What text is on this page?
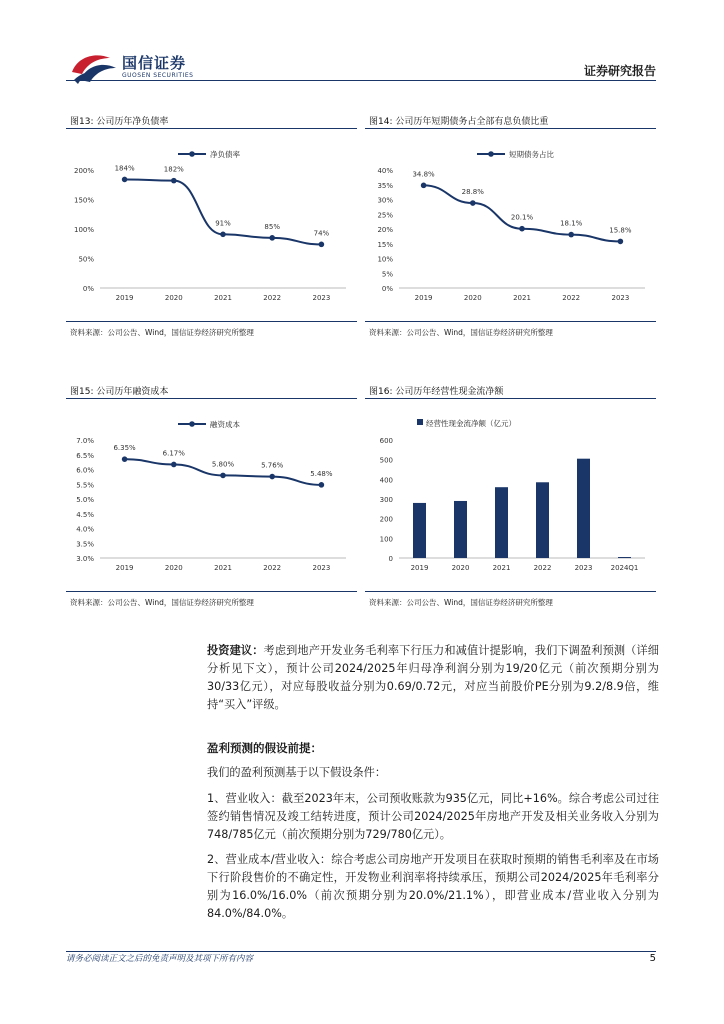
国信证券
GUOSEN SECURITIES	证券研究报告
图13: 公司历年净负债率
净负债率
0%
50%
100%
150%
200%
2019	2020	2021	2022	2023
184%	182%
91%	85%
74%
资料来源：公司公告、Wind，国信证券经济研究所整理
图14: 公司历年短期债务占全部有息负债比重
短期债务占比
0%
5%
10%
15%
20%
25%
30%
35%
40%
2019	2020	2021	2022	2023
34.8%
28.8%
20.1%
18.1%
15.8%
资料来源：公司公告、Wind，国信证券经济研究所整理
图15: 公司历年融资成本
融资成本
3.0%
3.5%
4.0%
4.5%
5.0%
5.5%
6.0%
6.5%
7.0%
2019	2020	2021	2022	2023
6.35%
6.17%
5.80%	5.76%
5.48%
资料来源：公司公告、Wind，国信证券经济研究所整理
图16: 公司历年经营性现金流净额
经营性现金流净额（亿元）
0
100
200
300
400
500
600
2019	2020	2021	2022	2023	2024Q1
资料来源：公司公告、Wind，国信证券经济研究所整理
投资建议：考虑到地产开发业务毛利率下行压力和减值计提影响，我们下调盈利预测（详细分析见下文），预计公司2024/2025年归母净利润分别为19/20亿元（前次预期分别为30/33亿元），对应每股收益分别为0.69/0.72元，对应当前股价PE分别为9.2/8.9倍，维持“买入”评级。
盈利预测的假设前提：
我们的盈利预测基于以下假设条件：
1、营业收入：截至2023年末，公司预收账款为935亿元，同比+16%。综合考虑公司过往签约销售情况及竣工结转进度，预计公司2024/2025年房地产开发及相关业务收入分别为748/785亿元（前次预期分别为729/780亿元）。
2、营业成本/营业收入：综合考虑公司房地产开发项目在获取时预期的销售毛利率及在市场下行阶段售价的不确定性，开发物业利润率将持续承压，预期公司2024/2025年毛利率分别为16.0%/16.0%（前次预期分别为20.0%/21.1%），即营业成本/营业收入分别为84.0%/84.0%。
请务必阅读正文之后的免责声明及其项下所有内容	5
